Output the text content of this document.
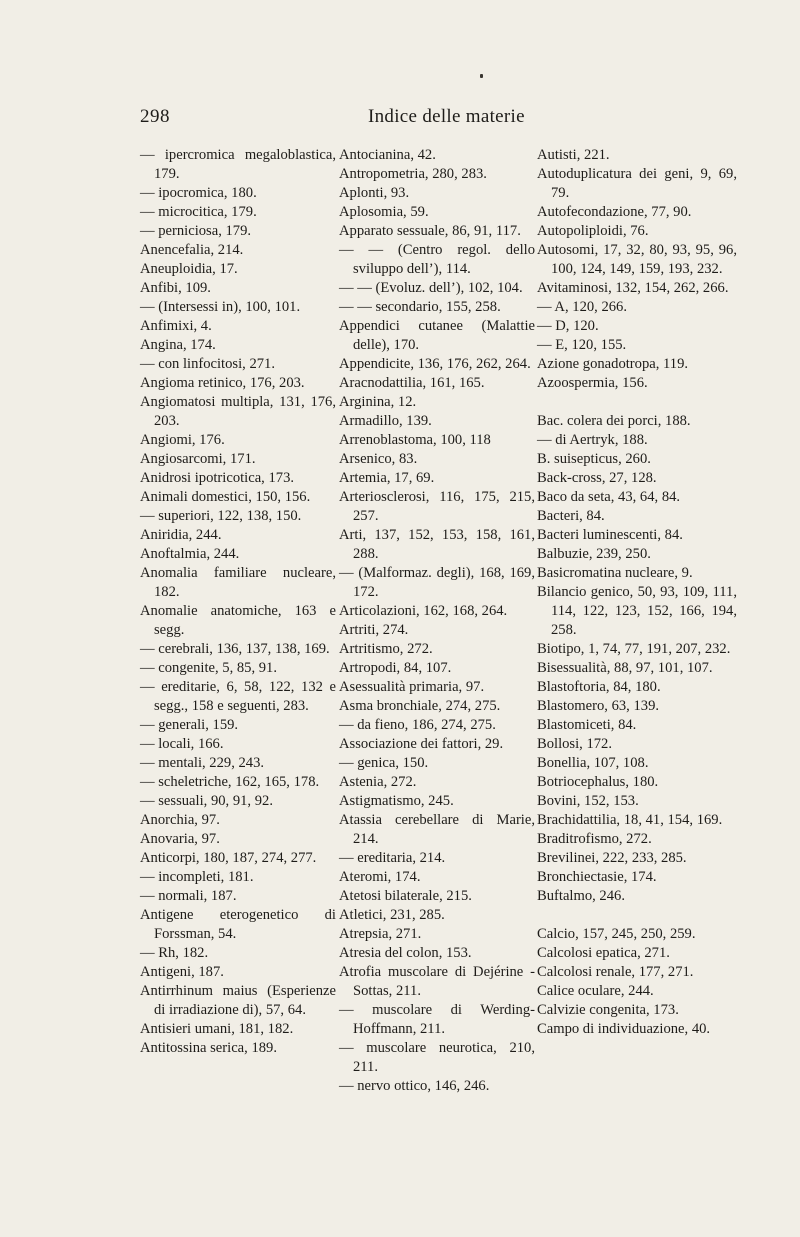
298	Indice delle materie

— ipercromica megaloblastica, 179.

— ipocromica, 180.

— microcitica, 179.

— perniciosa, 179.

Anencefalia, 214.

Aneuploidia, 17.

Anfibi, 109.

— (Intersessi in), 100, 101.

Anfimixi, 4.

Angina, 174.

— con linfocitosi, 271.

Angioma retinico, 176, 203.

Angiomatosi multipla, 131, 176, 203.

Angiomi, 176.

Angiosarcomi, 171.

Anidrosi ipotricotica, 173.

Animali domestici, 150, 156.

— superiori, 122, 138, 150.

Aniridia, 244.

Anoftalmia, 244.

Anomalia familiare nucleare, 182.

Anomalie anatomiche, 163 e segg.

— cerebrali, 136, 137, 138, 169.

— congenite, 5, 85, 91.

— ereditarie, 6, 58, 122, 132 e segg., 158 e seguenti, 283.

— generali, 159.

— locali, 166.

— mentali, 229, 243.

— scheletriche, 162, 165, 178.

— sessuali, 90, 91, 92.

Anorchia, 97.

Anovaria, 97.

Anticorpi, 180, 187, 274, 277.

— incompleti, 181.

— normali, 187.

Antigene eterogenetico di Forssman, 54.

— Rh, 182.

Antigeni, 187.

Antirrhinum maius (Esperienze di irradiazione di), 57, 64.

Antisieri umani, 181, 182.

Antitossina serica, 189.

Antocianina, 42.

Antropometria, 280, 283.

Aplonti, 93.

Aplosomia, 59.

Apparato sessuale, 86, 91, 117.

— — (Centro regol. dello sviluppo dell’), 114.

— — (Evoluz. dell’), 102, 104.

— — secondario, 155, 258.

Appendici cutanee (Malattie delle), 170.

Appendicite, 136, 176, 262, 264.

Aracnodattilia, 161, 165.

Arginina, 12.

Armadillo, 139.

Arrenoblastoma, 100, 118

Arsenico, 83.

Artemia, 17, 69.

Arteriosclerosi, 116, 175, 215, 257.

Arti, 137, 152, 153, 158, 161, 288.

— (Malformaz. degli), 168, 169, 172.

Articolazioni, 162, 168, 264.

Artriti, 274.

Artritismo, 272.

Artropodi, 84, 107.

Asessualità primaria, 97.

Asma bronchiale, 274, 275.

— da fieno, 186, 274, 275.

Associazione dei fattori, 29.

— genica, 150.

Astenia, 272.

Astigmatismo, 245.

Atassia cerebellare di Marie, 214.

— ereditaria, 214.

Ateromi, 174.

Atetosi bilaterale, 215.

Atletici, 231, 285.

Atrepsia, 271.

Atresia del colon, 153.

Atrofia muscolare di Dejérine - Sottas, 211.

— muscolare di Werding-Hoffmann, 211.

— muscolare neurotica, 210, 211.

— nervo ottico, 146, 246.

Autisti, 221.

Autoduplicatura dei geni, 9, 69, 79.

Autofecondazione, 77, 90.

Autopoliploidi, 76.

Autosomi, 17, 32, 80, 93, 95, 96, 100, 124, 149, 159, 193, 232.

Avitaminosi, 132, 154, 262, 266.

— A, 120, 266.

— D, 120.

— E, 120, 155.

Azione gonadotropa, 119.

Azoospermia, 156.

Bac. colera dei porci, 188.

— di Aertryk, 188.

B. suisepticus, 260.

Back-cross, 27, 128.

Baco da seta, 43, 64, 84.

Bacteri, 84.

Bacteri luminescenti, 84.

Balbuzie, 239, 250.

Basicromatina nucleare, 9.

Bilancio genico, 50, 93, 109, 111, 114, 122, 123, 152, 166, 194, 258.

Biotipo, 1, 74, 77, 191, 207, 232.

Bisessualità, 88, 97, 101, 107.

Blastoftoria, 84, 180.

Blastomero, 63, 139.

Blastomiceti, 84.

Bollosi, 172.

Bonellia, 107, 108.

Botriocephalus, 180.

Bovini, 152, 153.

Brachidattilia, 18, 41, 154, 169.

Braditrofismo, 272.

Brevilinei, 222, 233, 285.

Bronchiectasie, 174.

Buftalmo, 246.

Calcio, 157, 245, 250, 259.

Calcolosi epatica, 271.

Calcolosi renale, 177, 271.

Calice oculare, 244.

Calvizie congenita, 173.

Campo di individuazione, 40.
